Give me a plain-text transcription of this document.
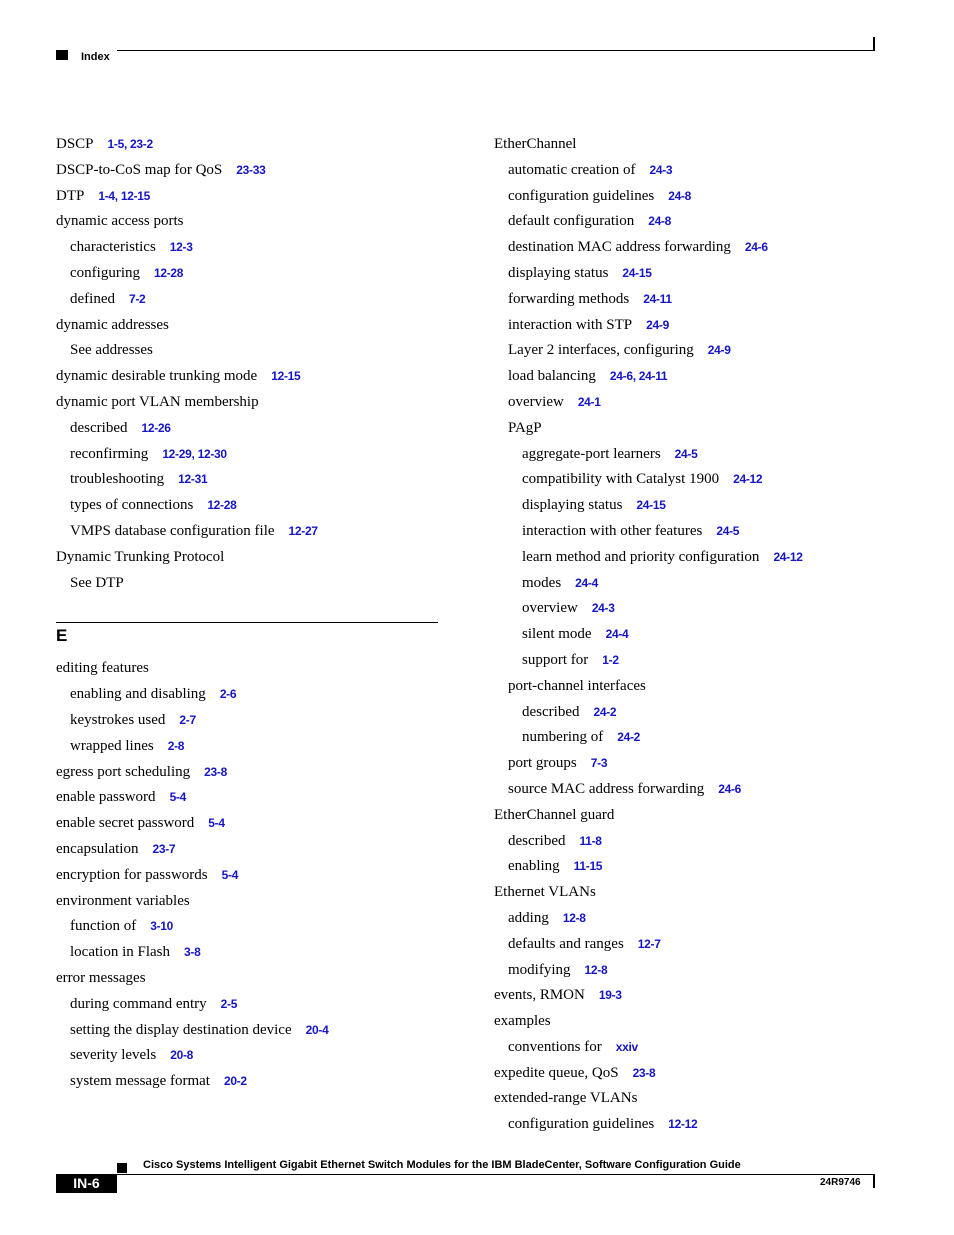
Index
DSCP 1-5, 23-2
DSCP-to-CoS map for QoS 23-33
DTP 1-4, 12-15
dynamic access ports
characteristics 12-3
configuring 12-28
defined 7-2
dynamic addresses
See addresses
dynamic desirable trunking mode 12-15
dynamic port VLAN membership
described 12-26
reconfirming 12-29, 12-30
troubleshooting 12-31
types of connections 12-28
VMPS database configuration file 12-27
Dynamic Trunking Protocol
See DTP
E
editing features
enabling and disabling 2-6
keystrokes used 2-7
wrapped lines 2-8
egress port scheduling 23-8
enable password 5-4
enable secret password 5-4
encapsulation 23-7
encryption for passwords 5-4
environment variables
function of 3-10
location in Flash 3-8
error messages
during command entry 2-5
setting the display destination device 20-4
severity levels 20-8
system message format 20-2
EtherChannel
automatic creation of 24-3
configuration guidelines 24-8
default configuration 24-8
destination MAC address forwarding 24-6
displaying status 24-15
forwarding methods 24-11
interaction with STP 24-9
Layer 2 interfaces, configuring 24-9
load balancing 24-6, 24-11
overview 24-1
PAgP
aggregate-port learners 24-5
compatibility with Catalyst 1900 24-12
displaying status 24-15
interaction with other features 24-5
learn method and priority configuration 24-12
modes 24-4
overview 24-3
silent mode 24-4
support for 1-2
port-channel interfaces
described 24-2
numbering of 24-2
port groups 7-3
source MAC address forwarding 24-6
EtherChannel guard
described 11-8
enabling 11-15
Ethernet VLANs
adding 12-8
defaults and ranges 12-7
modifying 12-8
events, RMON 19-3
examples
conventions for xxiv
expedite queue, QoS 23-8
extended-range VLANs
configuration guidelines 12-12
Cisco Systems Intelligent Gigabit Ethernet Switch Modules for the IBM BladeCenter, Software Configuration Guide
IN-6	24R9746
